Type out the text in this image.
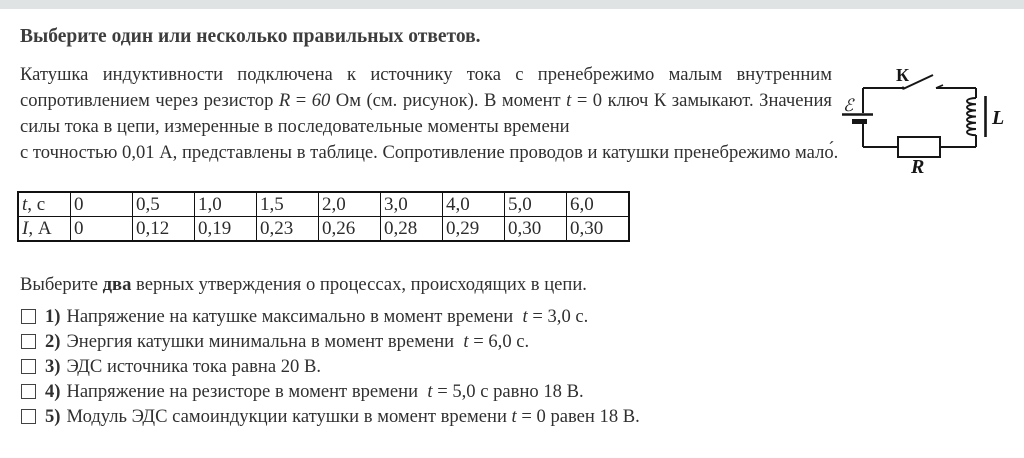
Выберите один или несколько правильных ответов.
Катушка индуктивности подключена к источнику тока с пренебрежимо малым внутренним
сопротивлением через резистор R = 60 Ом (см. рисунок). В момент t = 0 ключ К замыкают. Значения
силы тока в цепи, измеренные в последовательные моменты времени
с точностью 0,01 А, представлены в таблице. Сопротивление проводов и катушки пренебрежимо мало́.
К
ℰ
L
R
t, с	0	0,5	1,0	1,5	2,0	3,0	4,0	5,0	6,0
I, А	0	0,12	0,19	0,23	0,26	0,28	0,29	0,30	0,30
Выберите два верных утверждения о процессах, происходящих в цепи.
1) Напряжение на катушке максимально в момент времени  t = 3,0 с.
2) Энергия катушки минимальна в момент времени  t = 6,0 с.
3) ЭДС источника тока равна 20 В.
4) Напряжение на резисторе в момент времени  t = 5,0 с равно 18 В.
5) Модуль ЭДС самоиндукции катушки в момент времени t = 0 равен 18 В.
